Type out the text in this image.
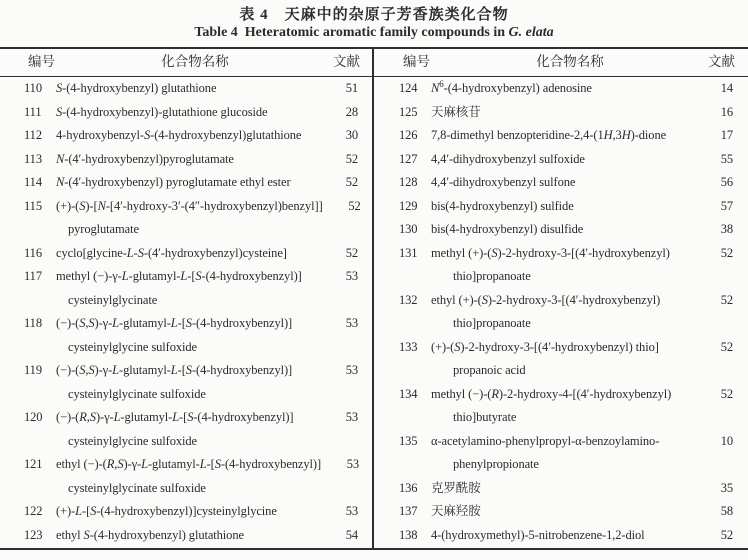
表 4　天麻中的杂原子芳香族类化合物
Table 4  Heteratomic aromatic family compounds in G. elata
编号	化合物名称	文献	编号	化合物名称	文献
110	S-(4-hydroxybenzyl) glutathione	51
111	S-(4-hydroxybenzyl)-glutathione glucoside	28
112	4-hydroxybenzyl-S-(4-hydroxybenzyl)glutathione	30
113	N-(4′-hydroxybenzyl)pyroglutamate	52
114	N-(4′-hydroxybenzyl) pyroglutamate ethyl ester	52
115	(+)-(S)-[N-[4′-hydroxy-3′-(4″-hydroxybenzyl)benzyl]]	52
pyroglutamate
116	cyclo[glycine-L-S-(4′-hydroxybenzyl)cysteine]	52
117	methyl (−)-γ-L-glutamyl-L-[S-(4-hydroxybenzyl)]	53
cysteinylglycinate
118	(−)-(S,S)-γ-L-glutamyl-L-[S-(4-hydroxybenzyl)]	53
cysteinylglycine sulfoxide
119	(−)-(S,S)-γ-L-glutamyl-L-[S-(4-hydroxybenzyl)]	53
cysteinylglycinate sulfoxide
120	(−)-(R,S)-γ-L-glutamyl-L-[S-(4-hydroxybenzyl)]	53
cysteinylglycine sulfoxide
121	ethyl (−)-(R,S)-γ-L-glutamyl-L-[S-(4-hydroxybenzyl)]	53
cysteinylglycinate sulfoxide
122	(+)-L-[S-(4-hydroxybenzyl)]cysteinylglycine	53
123	ethyl S-(4-hydroxybenzyl) glutathione	54
124	$N^6-(4-hydroxybenzyl)$ adenosine	14
125	天麻核苷	16
126	7,8-dimethyl benzopteridine-2,4-(1H,3H)-dione	17
127	4,4′-dihydroxybenzyl sulfoxide	55
128	4,4′-dihydroxybenzyl sulfone	56
129	bis(4-hydroxybenzyl) sulfide	57
130	bis(4-hydroxybenzyl) disulfide	38
131	methyl (+)-(S)-2-hydroxy-3-[(4′-hydroxybenzyl)	52
thio]propanoate
132	ethyl (+)-(S)-2-hydroxy-3-[(4′-hydroxybenzyl)	52
thio]propanoate
133	(+)-(S)-2-hydroxy-3-[(4′-hydroxybenzyl) thio]	52
propanoic acid
134	methyl (−)-(R)-2-hydroxy-4-[(4′-hydroxybenzyl)	52
thio]butyrate
135	α-acetylamino-phenylpropyl-α-benzoylamino-	10
phenylpropionate
136	克罗酰胺	35
137	天麻羟胺	58
138	4-(hydroxymethyl)-5-nitrobenzene-1,2-diol	52
